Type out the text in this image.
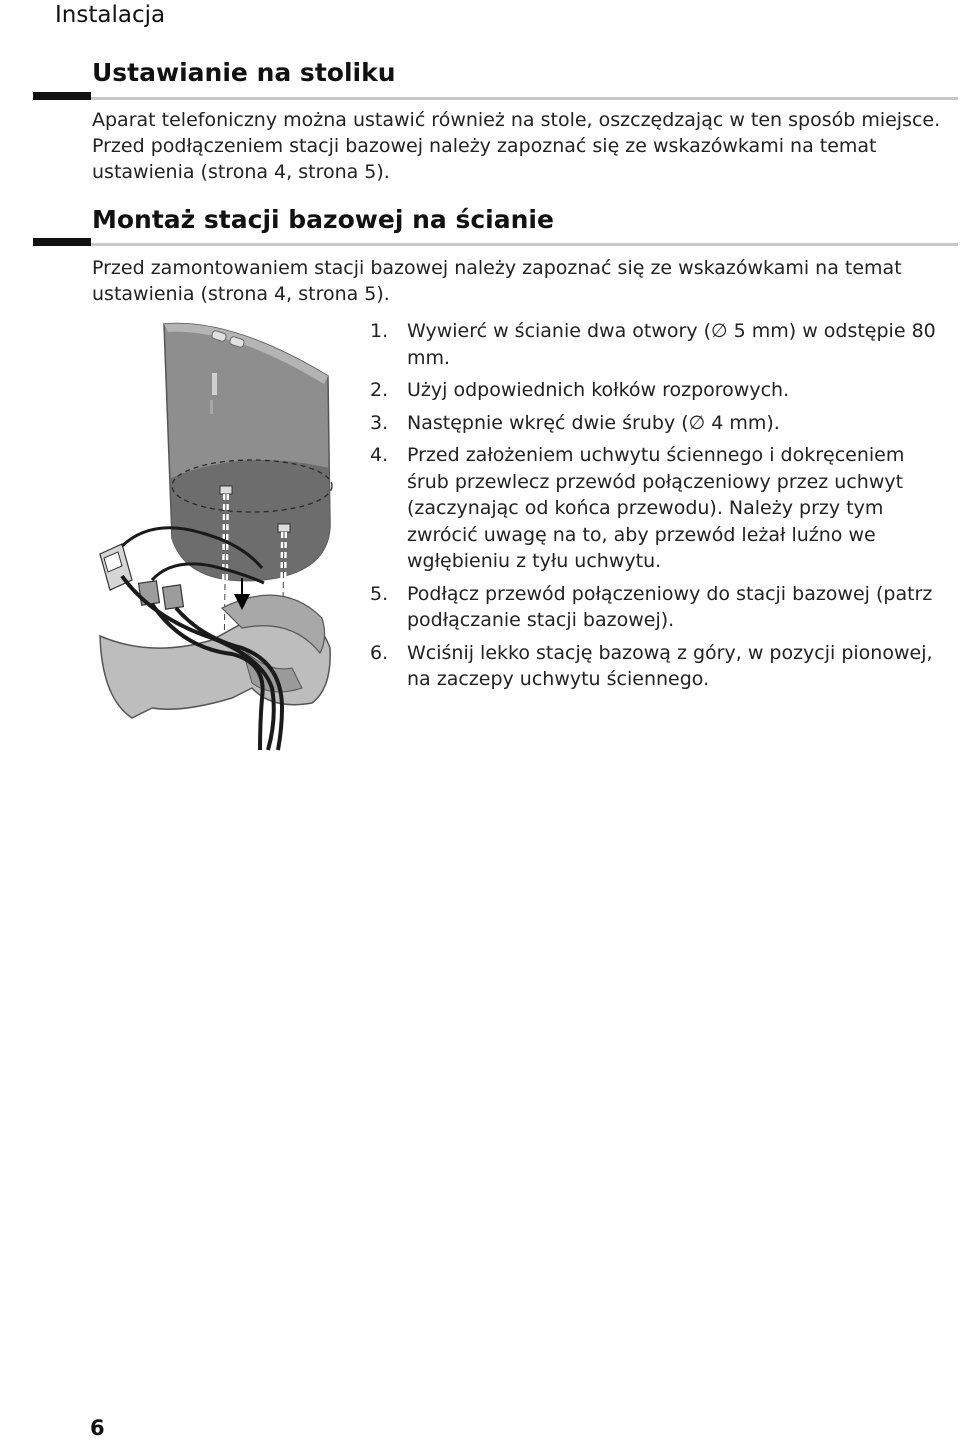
Instalacja
Ustawianie na stoliku

Aparat telefoniczny można ustawić również na stole, oszczędzając w ten sposób miejsce. Przed podłączeniem stacji bazowej należy zapoznać się ze wskazówkami na temat ustawienia (strona 4, strona 5).

Montaż stacji bazowej na ścianie

Przed zamontowaniem stacji bazowej należy zapoznać się ze wskazówkami na temat ustawienia (strona 4, strona 5).

1. Wywierć w ścianie dwa otwory (∅ 5 mm) w odstępie 80 mm.
2. Użyj odpowiednich kołków rozporowych.
3. Następnie wkręć dwie śruby (∅ 4 mm).
4. Przed założeniem uchwytu ściennego i dokręceniem śrub przewlecz przewód połączeniowy przez uchwyt (zaczynając od końca przewodu). Należy przy tym zwrócić uwagę na to, aby przewód leżał luźno we wgłębieniu z tyłu uchwytu.
5. Podłącz przewód połączeniowy do stacji bazowej (patrz podłączanie stacji bazowej).
6. Wciśnij lekko stację bazową z góry, w pozycji pionowej, na zaczepy uchwytu ściennego.
6
